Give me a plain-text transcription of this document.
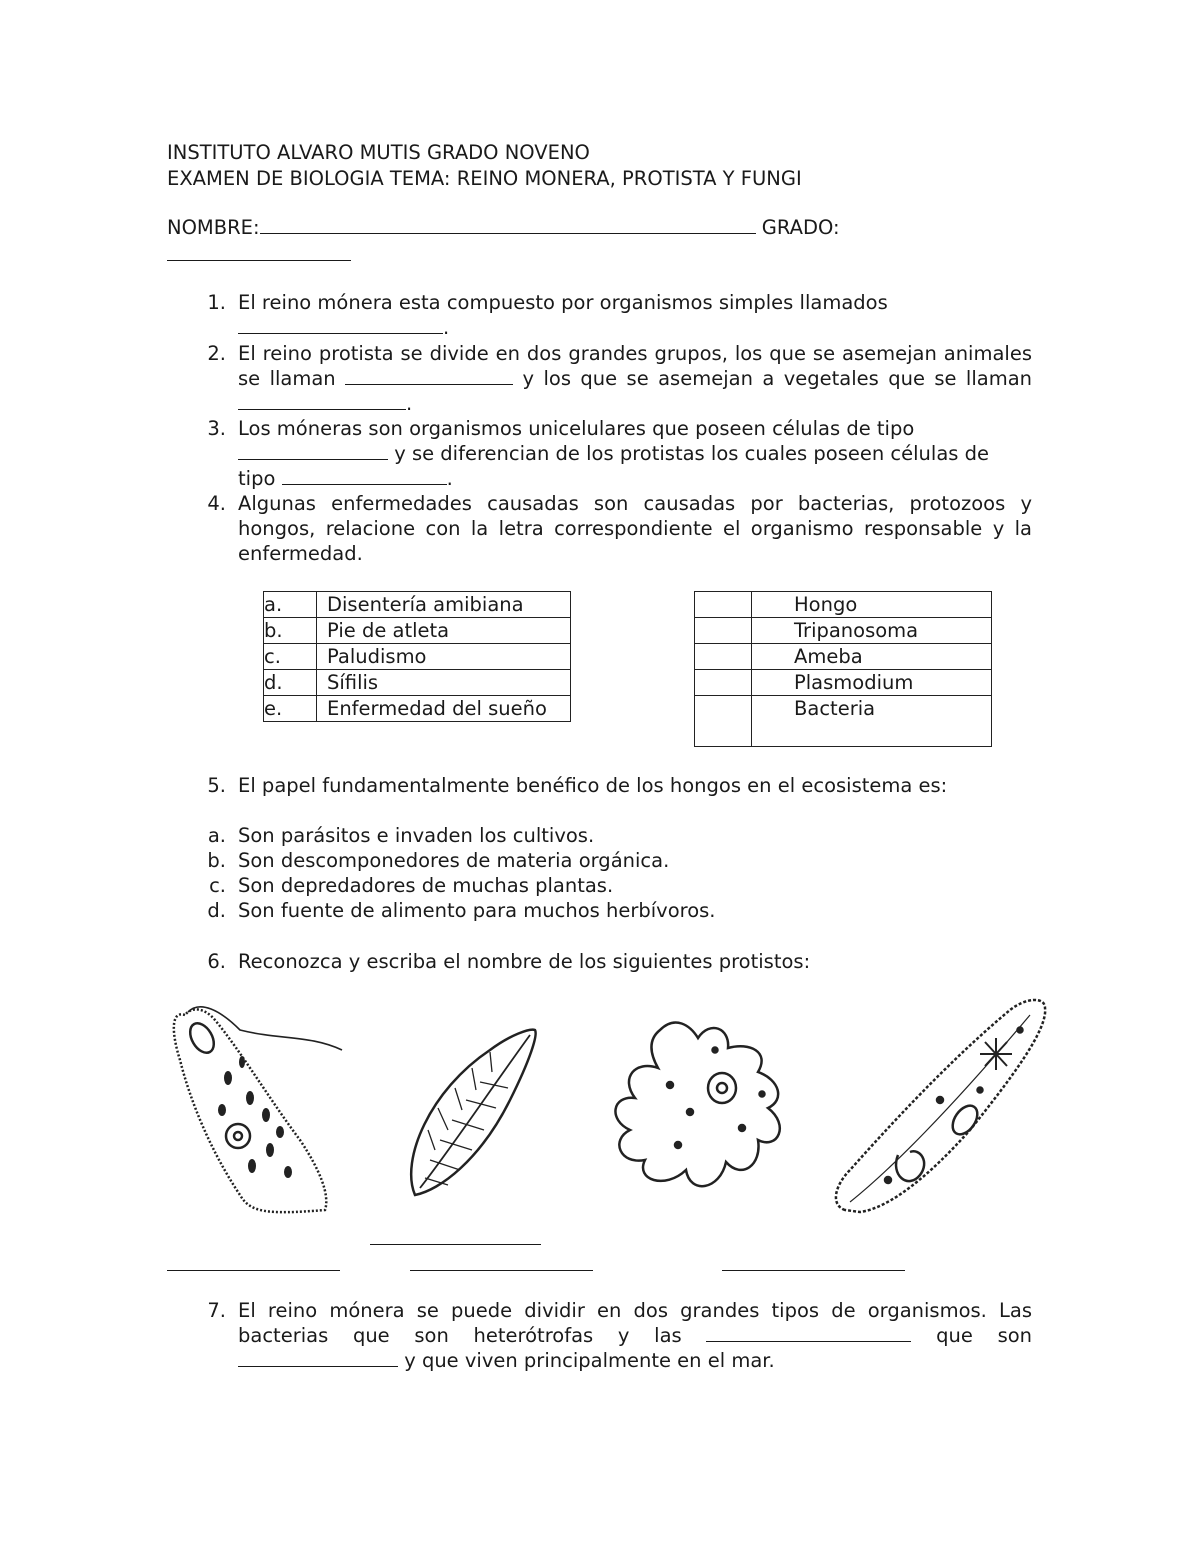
INSTITUTO ALVARO MUTIS GRADO NOVENO
EXAMEN DE BIOLOGIA TEMA: REINO MONERA, PROTISTA Y FUNGI
NOMBRE:	GRADO:
1. El reino mónera esta compuesto por organismos simples llamados
.
2. El reino protista se divide en dos grandes grupos, los que se asemejan animales se llaman	y los que se asemejan a vegetales que se llaman .
3. Los móneras son organismos unicelulares que poseen células de tipo  y se diferencian de los protistas los cuales poseen células de tipo	.
4. Algunas enfermedades causadas son causadas por bacterias, protozoos y hongos, relacione con la letra correspondiente el organismo responsable y la enfermedad.
a.	Disentería amibiana
b.	Pie de atleta
c.	Paludismo
d.	Sífilis
e.	Enfermedad del sueño
	Hongo
	Tripanosoma
	Ameba
	Plasmodium
	Bacteria
5. El papel fundamentalmente benéfico de los hongos en el ecosistema es:
a. Son parásitos e invaden los cultivos.
b. Son descomponedores de materia orgánica.
c. Son depredadores de muchas plantas.
d. Son fuente de alimento para muchos herbívoros.
6. Reconozca y escriba el nombre de los siguientes protistos:
7. El reino mónera se puede dividir en dos grandes tipos de organismos. Las bacterias que son heterótrofas y las	que son  y que viven principalmente en el mar.
